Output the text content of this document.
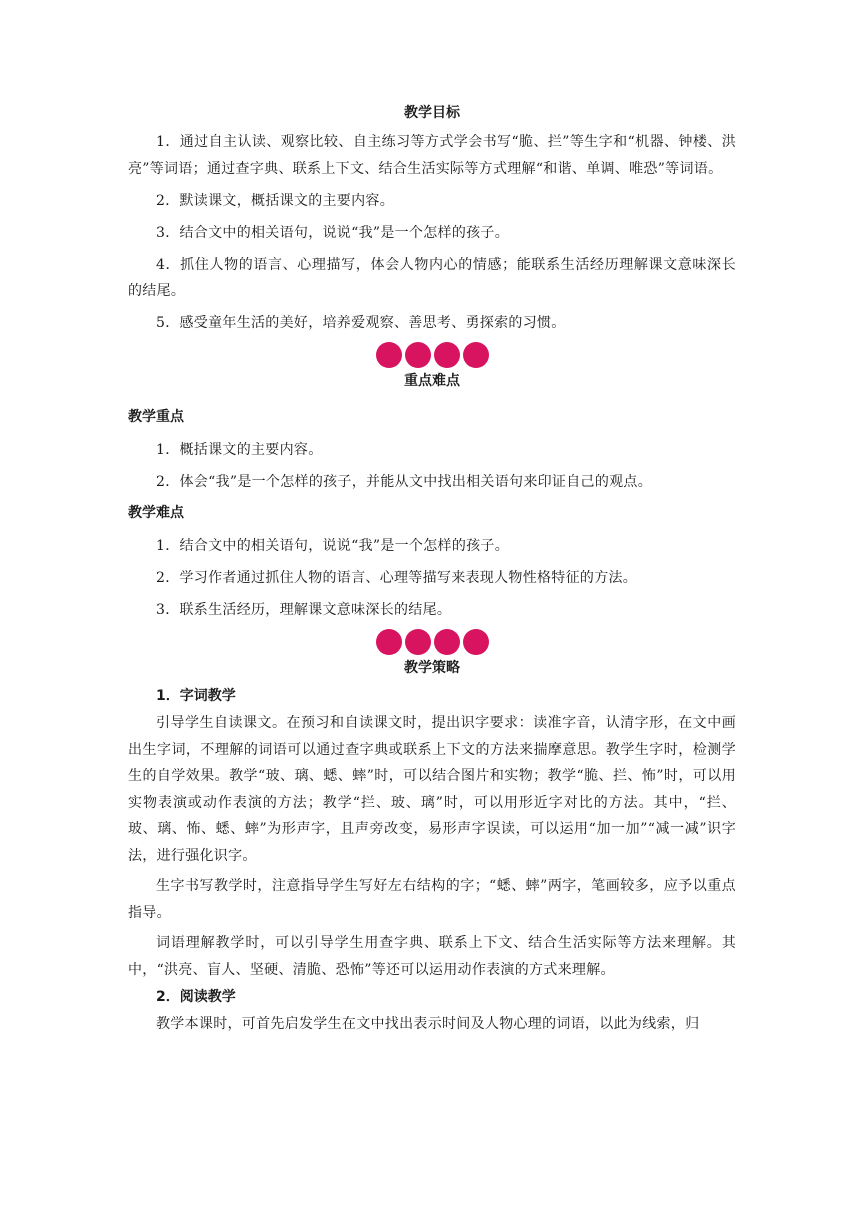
教学目标

1．通过自主认读、观察比较、自主练习等方式学会书写“脆、拦”等生字和“机器、钟楼、洪亮”等词语；通过查字典、联系上下文、结合生活实际等方式理解“和谐、单调、唯恐”等词语。

2．默读课文，概括课文的主要内容。

3．结合文中的相关语句，说说“我”是一个怎样的孩子。

4．抓住人物的语言、心理描写，体会人物内心的情感；能联系生活经历理解课文意味深长的结尾。

5．感受童年生活的美好，培养爱观察、善思考、勇探索的习惯。

重点难点
教学重点

1．概括课文的主要内容。

2．体会“我”是一个怎样的孩子，并能从文中找出相关语句来印证自己的观点。

教学难点

1．结合文中的相关语句，说说“我”是一个怎样的孩子。

2．学习作者通过抓住人物的语言、心理等描写来表现人物性格特征的方法。

3．联系生活经历，理解课文意味深长的结尾。

教学策略
1．字词教学

引导学生自读课文。在预习和自读课文时，提出识字要求：读准字音，认清字形，在文中画出生字词，不理解的词语可以通过查字典或联系上下文的方法来揣摩意思。教学生字时，检测学生的自学效果。教学“玻、璃、蟋、蟀”时，可以结合图片和实物；教学“脆、拦、怖”时，可以用实物表演或动作表演的方法；教学“拦、玻、璃”时，可以用形近字对比的方法。其中，“拦、玻、璃、怖、蟋、蟀”为形声字，且声旁改变，易形声字误读，可以运用“加一加”“减一减”识字法，进行强化识字。

生字书写教学时，注意指导学生写好左右结构的字；“蟋、蟀”两字，笔画较多，应予以重点指导。

词语理解教学时，可以引导学生用查字典、联系上下文、结合生活实际等方法来理解。其中，“洪亮、盲人、坚硬、清脆、恐怖”等还可以运用动作表演的方式来理解。

2．阅读教学

教学本课时，可首先启发学生在文中找出表示时间及人物心理的词语，以此为线索，归
